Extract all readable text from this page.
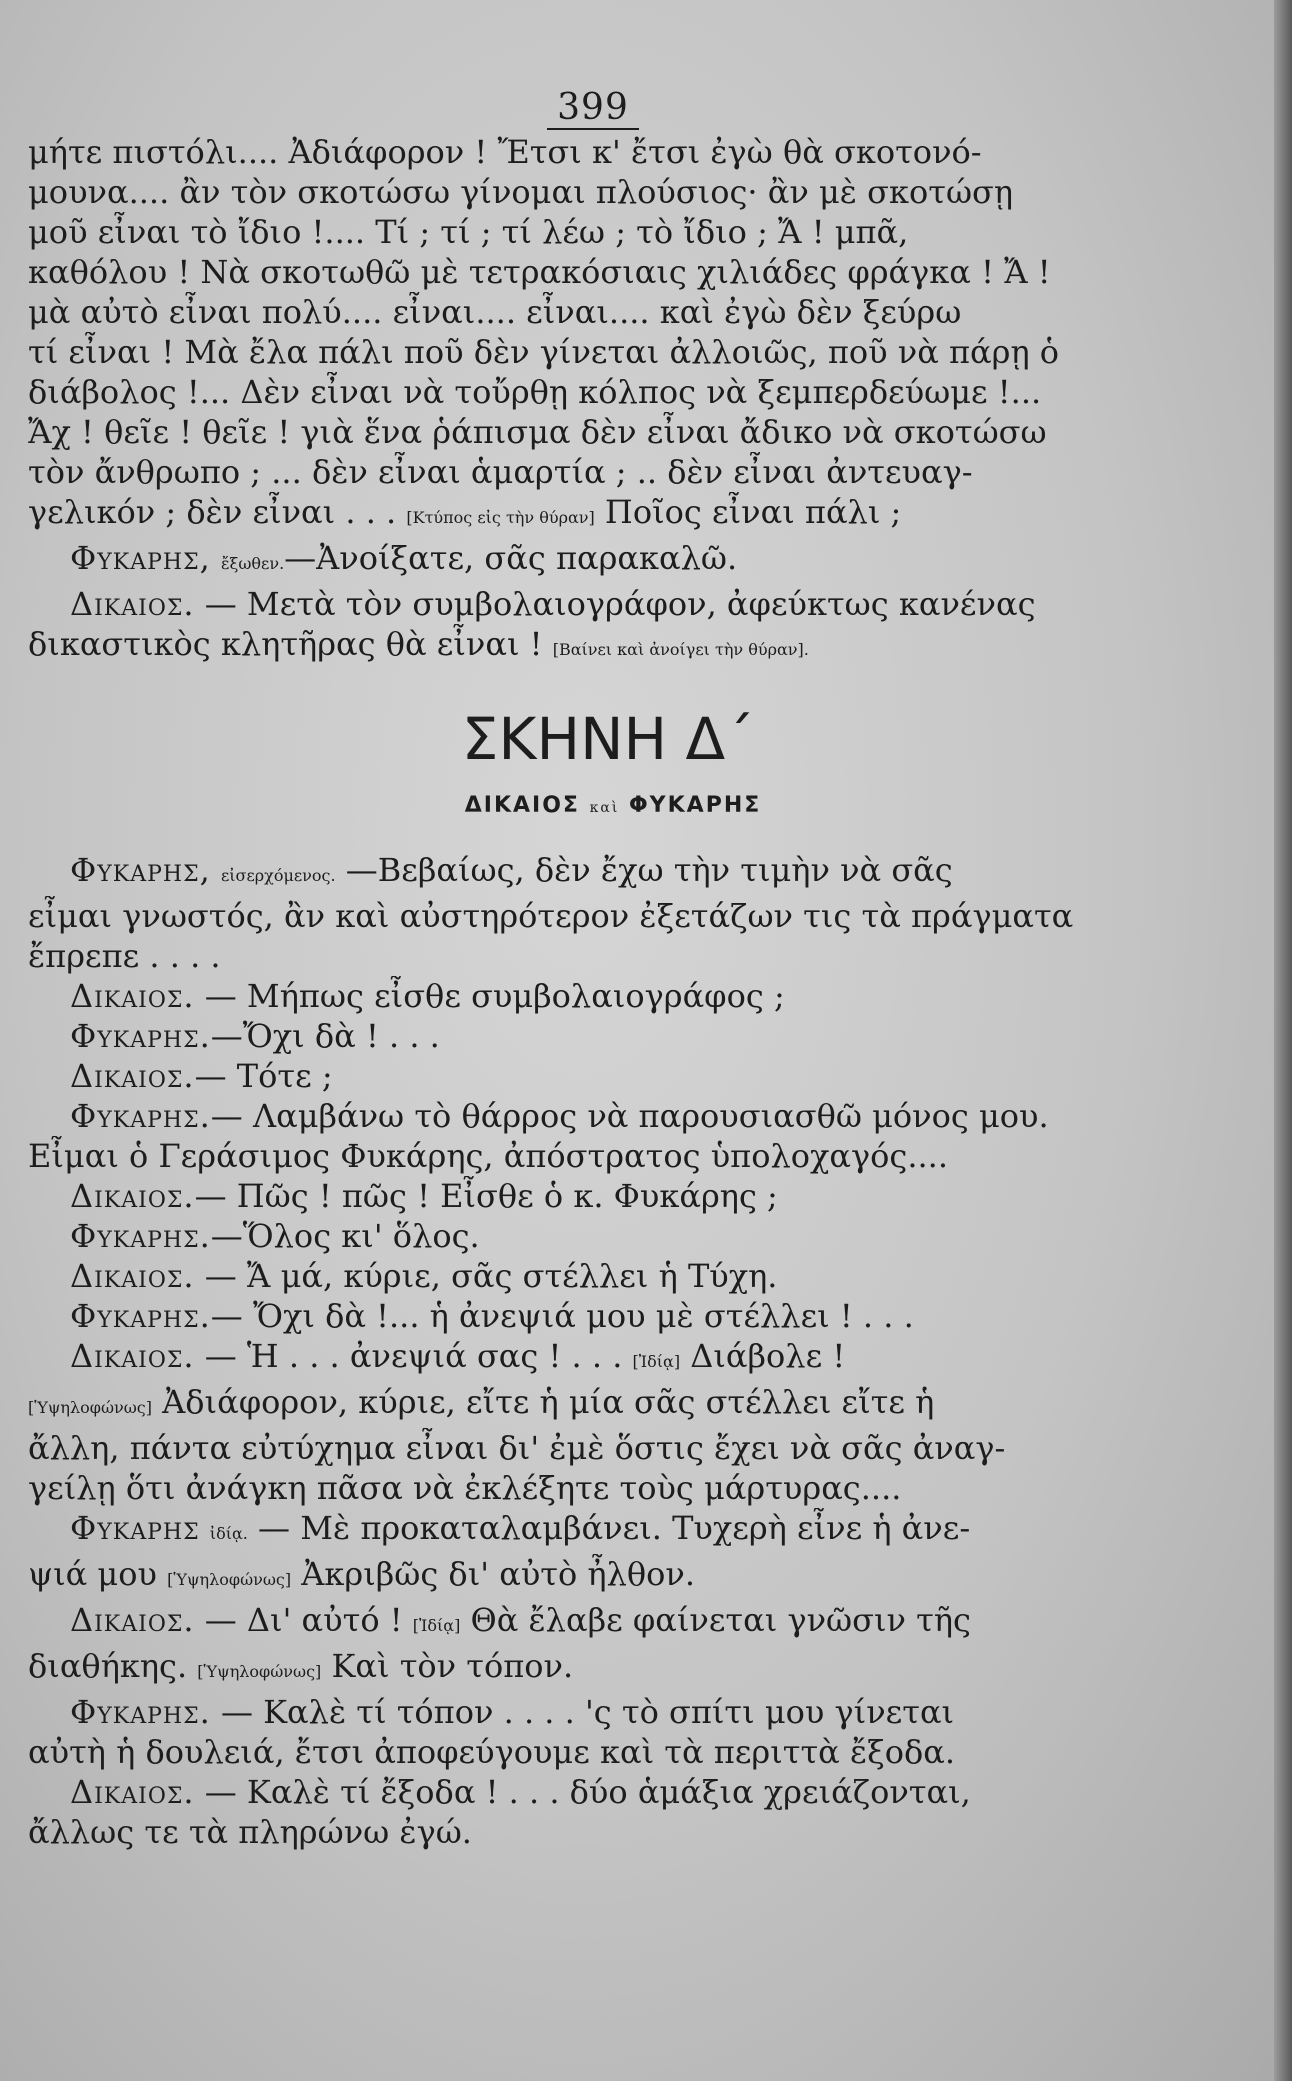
399
μήτε πιστόλι.... Ἀδιάφορον ! Ἔτσι κ' ἔτσι ἐγὼ θὰ σκοτονό-
μουνα.... ἂν τὸν σκοτώσω γίνομαι πλούσιος· ἂν μὲ σκοτώσῃ
μοῦ εἶναι τὸ ἴδιο !.... Τί ; τί ; τί λέω ; τὸ ἴδιο ; Ἄ ! μπᾶ,
καθόλου ! Νὰ σκοτωθῶ μὲ τετρακόσιαις χιλιάδες φράγκα ! Ἄ !
μὰ αὐτὸ εἶναι πολύ.... εἶναι.... εἶναι.... καὶ ἐγὼ δὲν ξεύρω
τί εἶναι ! Μὰ ἔλα πάλι ποῦ δὲν γίνεται ἀλλοιῶς, ποῦ νὰ πάρῃ ὁ
διάβολος !... Δὲν εἶναι νὰ τοὔρθῃ κόλπος νὰ ξεμπερδεύωμε !...
Ἄχ ! θεῖε ! θεῖε ! γιὰ ἕνα ῥάπισμα δὲν εἶναι ἄδικο νὰ σκοτώσω
τὸν ἄνθρωπο ; ... δὲν εἶναι ἁμαρτία ; .. δὲν εἶναι ἀντευαγ-
γελικόν ; δὲν εἶναι . . . [Κτύπος εἰς τὴν θύραν] Ποῖος εἶναι πάλι ;
Φυκαρης, ἔξωθεν.—Ἀνοίξατε, σᾶς παρακαλῶ.
Δικαιος. — Μετὰ τὸν συμβολαιογράφον, ἀφεύκτως κανένας
δικαστικὸς κλητῆρας θὰ εἶναι ! [Βαίνει καὶ ἀνοίγει τὴν θύραν].
ΣΚΗΝΗ Δ΄
ΔΙΚΑΙΟΣ καὶ ΦΥΚΑΡΗΣ
Φυκαρης, εἰσερχόμενος. —Βεβαίως, δὲν ἔχω τὴν τιμὴν νὰ σᾶς
εἶμαι γνωστός, ἂν καὶ αὐστηρότερον ἐξετάζων τις τὰ πράγματα
ἔπρεπε . . . .
Δικαιος. — Μήπως εἶσθε συμβολαιογράφος ;
Φυκαρης.—Ὄχι δὰ ! . . .
Δικαιος.— Τότε ;
Φυκαρης.— Λαμβάνω τὸ θάρρος νὰ παρουσιασθῶ μόνος μου.
Εἶμαι ὁ Γεράσιμος Φυκάρης, ἀπόστρατος ὑπολοχαγός....
Δικαιος.— Πῶς ! πῶς ! Εἶσθε ὁ κ. Φυκάρης ;
Φυκαρης.—Ὅλος κι' ὅλος.
Δικαιος. — Ἄ μά, κύριε, σᾶς στέλλει ἡ Τύχη.
Φυκαρης.— Ὄχι δὰ !... ἡ ἀνεψιά μου μὲ στέλλει ! . . .
Δικαιος. — Ἡ . . . ἀνεψιά σας ! . . . [Ἰδίᾳ] Διάβολε !
[Ὑψηλοφώνως] Ἀδιάφορον, κύριε, εἴτε ἡ μία σᾶς στέλλει εἴτε ἡ
ἄλλη, πάντα εὐτύχημα εἶναι δι' ἐμὲ ὅστις ἔχει νὰ σᾶς ἀναγ-
γείλῃ ὅτι ἀνάγκη πᾶσα νὰ ἐκλέξητε τοὺς μάρτυρας....
Φυκαρης ἰδίᾳ. — Μὲ προκαταλαμβάνει. Τυχερὴ εἶνε ἡ ἀνε-
ψιά μου [Ὑψηλοφώνως] Ἀκριβῶς δι' αὐτὸ ἦλθον.
Δικαιος. — Δι' αὐτό ! [Ἰδίᾳ] Θὰ ἔλαβε φαίνεται γνῶσιν τῆς
διαθήκης. [Ὑψηλοφώνως] Καὶ τὸν τόπον.
Φυκαρης. — Καλὲ τί τόπον . . . . 'ς τὸ σπίτι μου γίνεται
αὐτὴ ἡ δουλειά, ἔτσι ἀποφεύγουμε καὶ τὰ περιττὰ ἔξοδα.
Δικαιος. — Καλὲ τί ἔξοδα ! . . . δύο ἁμάξια χρειάζονται,
ἄλλως τε τὰ πληρώνω ἐγώ.
